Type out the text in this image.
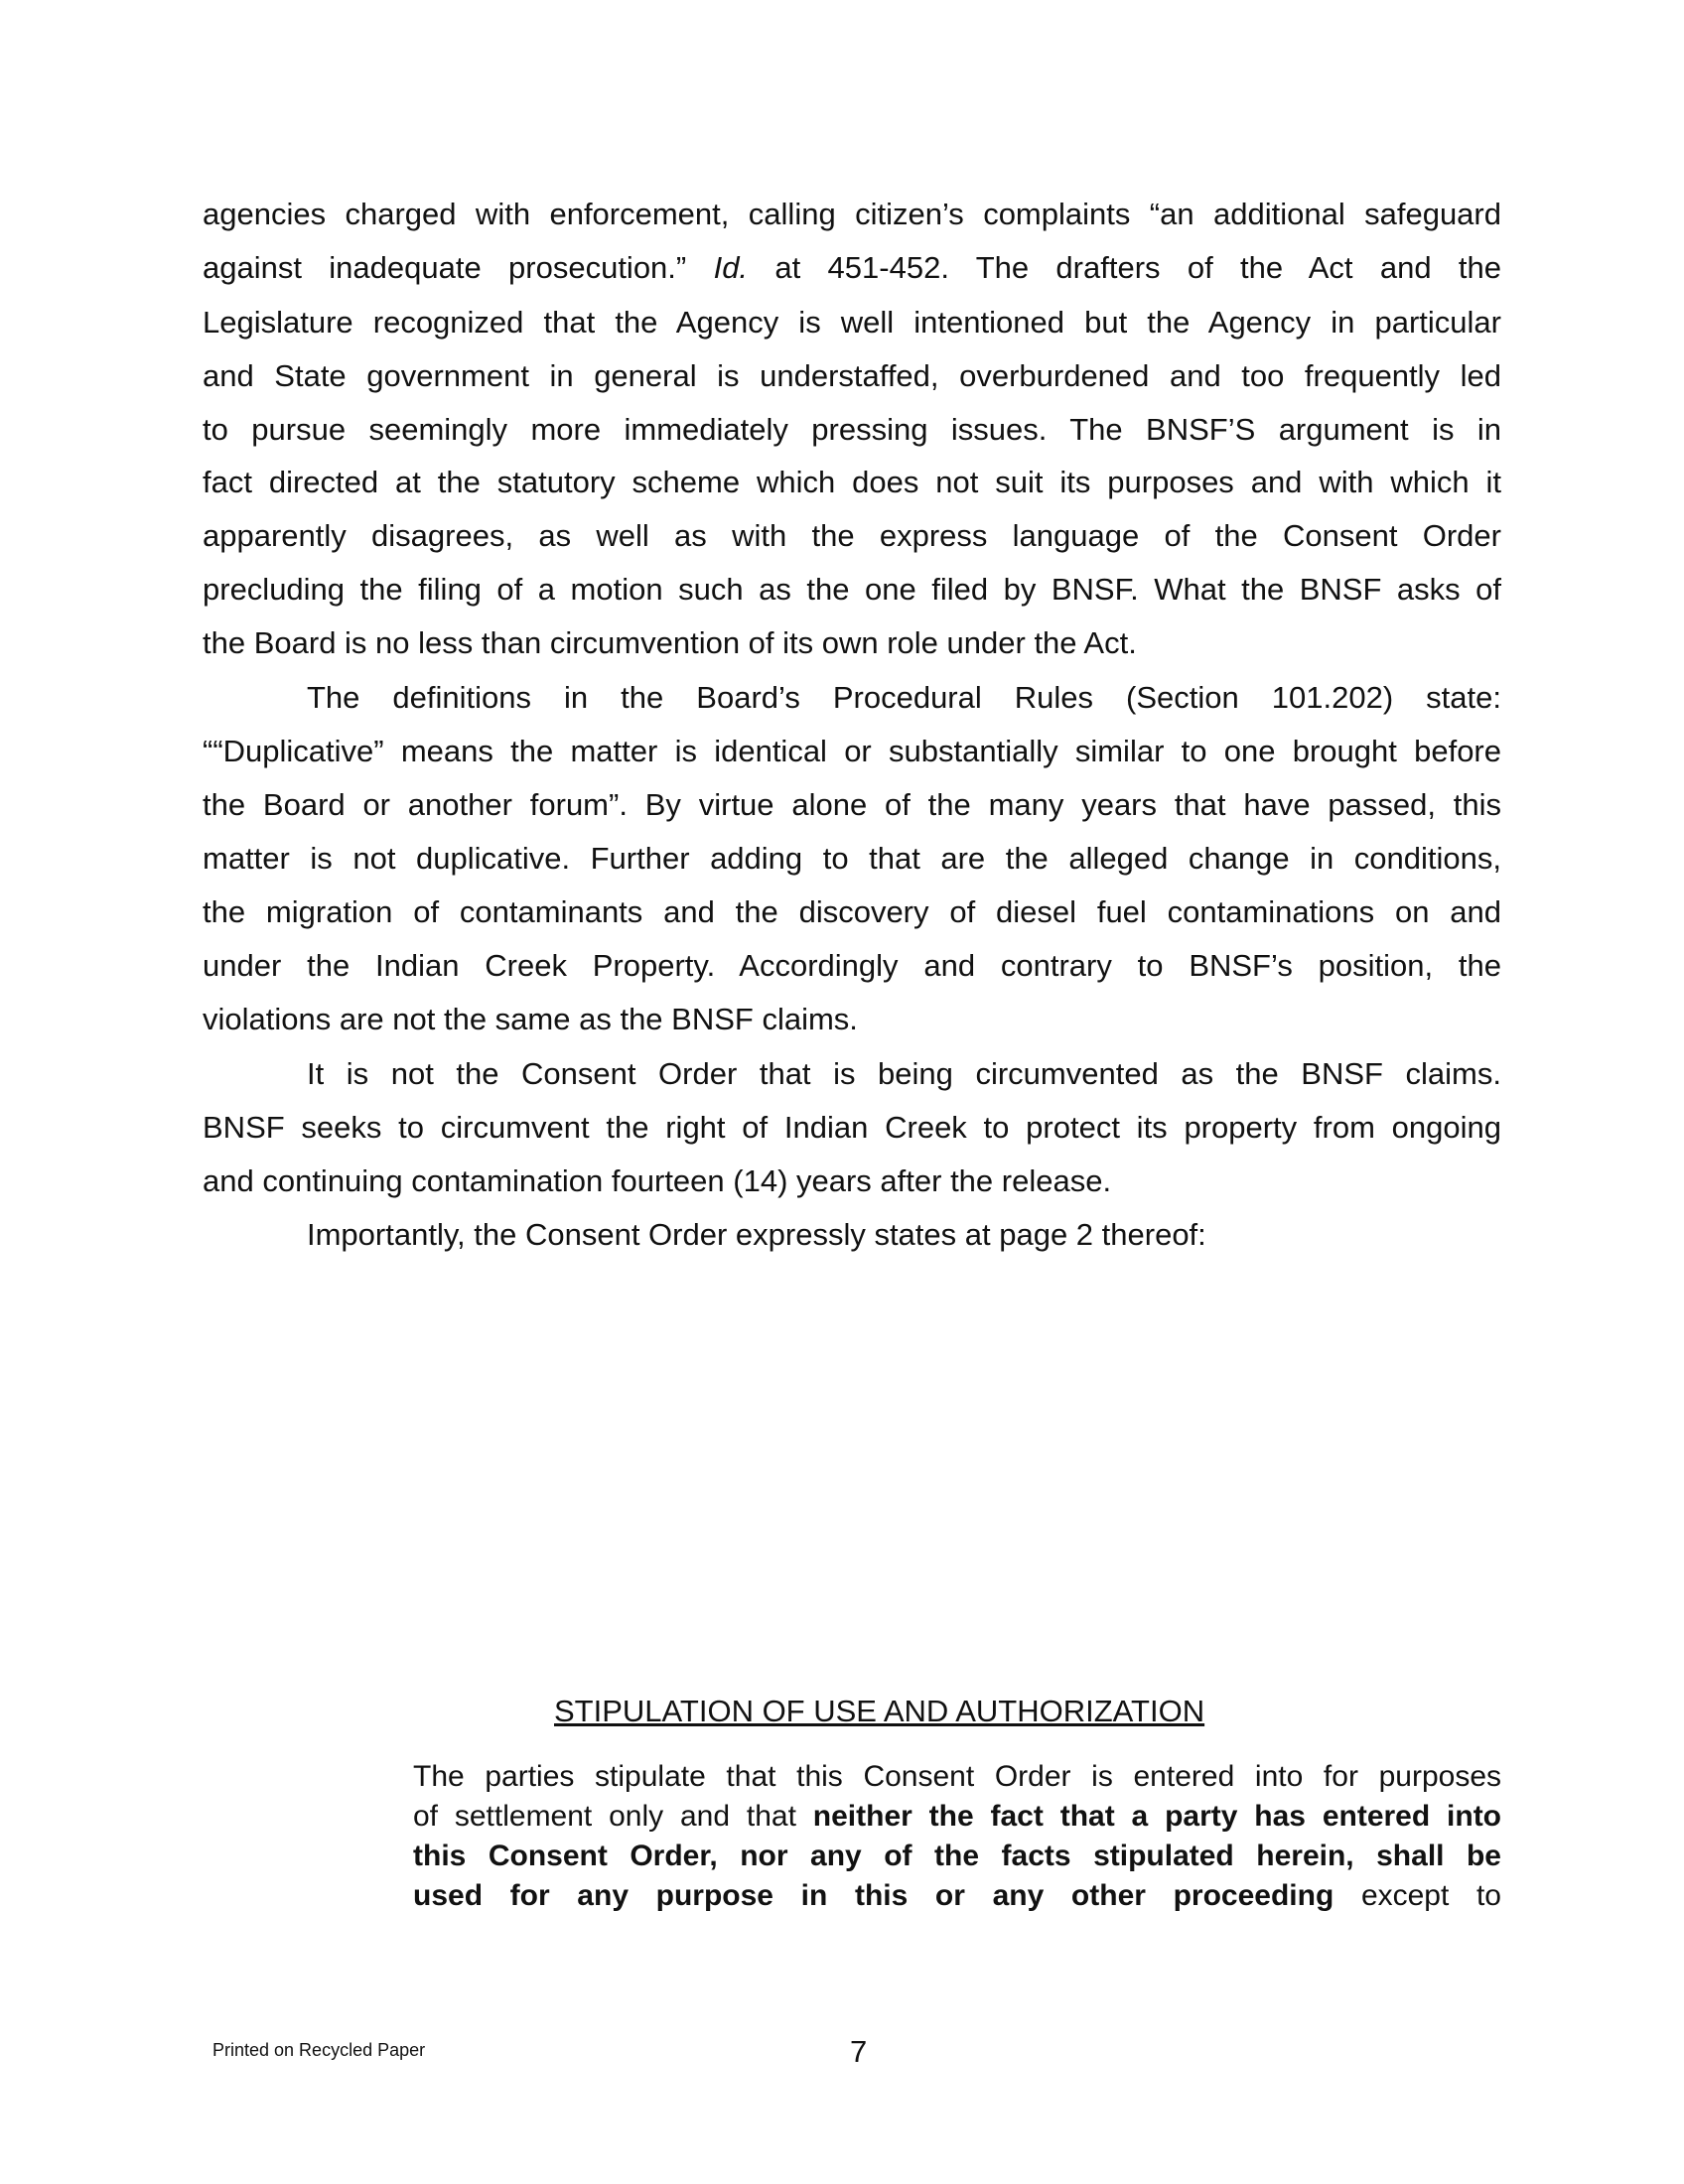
agencies charged with enforcement, calling citizen’s complaints “an additional safeguard
against inadequate prosecution.” Id. at 451-452. The drafters of the Act and the
Legislature recognized that the Agency is well intentioned but the Agency in particular
and State government in general is understaffed, overburdened and too frequently led
to pursue seemingly more immediately pressing issues. The BNSF’S argument is in
fact directed at the statutory scheme which does not suit its purposes and with which it
apparently disagrees, as well as with the express language of the Consent Order
precluding the filing of a motion such as the one filed by BNSF. What the BNSF asks of
the Board is no less than circumvention of its own role under the Act.
The definitions in the Board’s Procedural Rules (Section 101.202) state:
““Duplicative” means the matter is identical or substantially similar to one brought before
the Board or another forum”. By virtue alone of the many years that have passed, this
matter is not duplicative. Further adding to that are the alleged change in conditions,
the migration of contaminants and the discovery of diesel fuel contaminations on and
under the Indian Creek Property. Accordingly and contrary to BNSF’s position, the
violations are not the same as the BNSF claims.
It is not the Consent Order that is being circumvented as the BNSF claims.
BNSF seeks to circumvent the right of Indian Creek to protect its property from ongoing
and continuing contamination fourteen (14) years after the release.
Importantly, the Consent Order expressly states at page 2 thereof:
STIPULATION OF USE AND AUTHORIZATION
The parties stipulate that this Consent Order is entered into for purposes
of settlement only and that neither the fact that a party has entered into
this Consent Order, nor any of the facts stipulated herein, shall be
used for any purpose in this or any other proceeding except to
Printed on Recycled Paper	7
